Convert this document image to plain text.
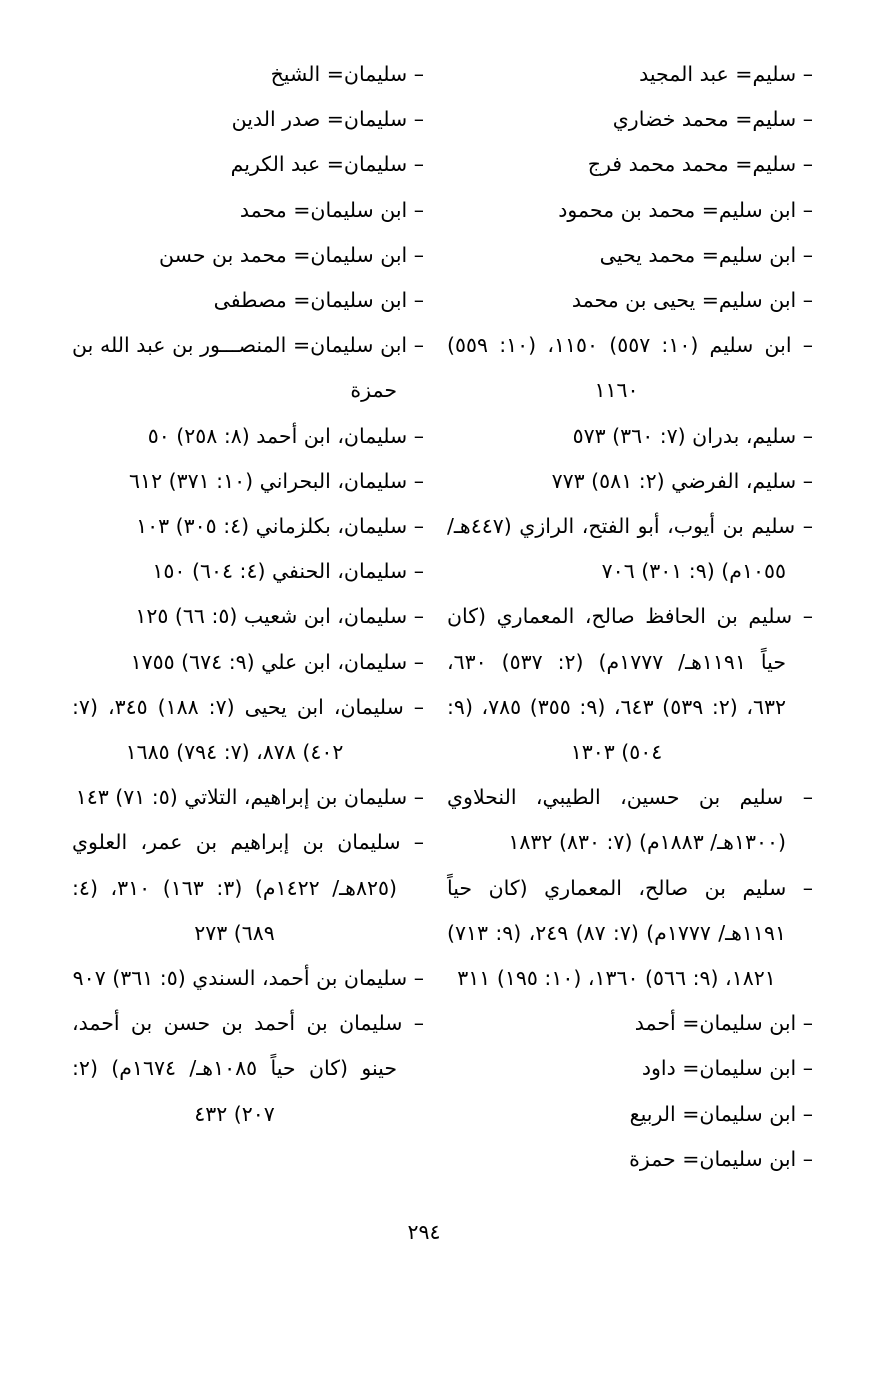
– سليم= عبد المجيد

– سليم= محمد خضاري

– سليم= محمد محمد فرج

– ابن سليم= محمد بن محمود

– ابن سليم= محمد يحيى

– ابن سليم= يحيى بن محمد

– ابن سليم (١٠: ٥٥٧) ١١٥٠، (١٠: ٥٥٩) ١١٦٠

– سليم، بدران (٧: ٣٦٠) ٥٧٣

– سليم، الفرضي (٢: ٥٨١) ٧٧٣

– سليم بن أيوب، أبو الفتح، الرازي (٤٤٧هـ/ ١٠٥٥م) (٩: ٣٠١) ٧٠٦

– سليم بن الحافظ صالح، المعماري (كان حياً ١١٩١هـ/ ١٧٧٧م) (٢: ٥٣٧) ٦٣٠، ٦٣٢، (٢: ٥٣٩) ٦٤٣، (٩: ٣٥٥) ٧٨٥، (٩: ٥٠٤) ١٣٠٣

– سليم بن حسين، الطيبي، النحلاوي (١٣٠٠هـ/ ١٨٨٣م) (٧: ٨٣٠) ١٨٣٢

– سليم بن صالح، المعماري (كان حياً ١١٩١هـ/ ١٧٧٧م) (٧: ٨٧) ٢٤٩، (٩: ٧١٣) ١٨٢١، (٩: ٥٦٦) ١٣٦٠، (١٠: ١٩٥) ٣١١

– ابن سليمان= أحمد

– ابن سليمان= داود

– ابن سليمان= الربيع

– ابن سليمان= حمزة

– سليمان= الشيخ

– سليمان= صدر الدين

– سليمان= عبد الكريم

– ابن سليمان= محمد

– ابن سليمان= محمد بن حسن

– ابن سليمان= مصطفى

– ابن سليمان= المنصـــور بن عبد الله بن حمزة

– سليمان، ابن أحمد (٨: ٢٥٨) ٥٠

– سليمان، البحراني (١٠: ٣٧١) ٦١٢

– سليمان، بكلزماني (٤: ٣٠٥) ١٠٣

– سليمان، الحنفي (٤: ٦٠٤) ١٥٠

– سليمان، ابن شعيب (٥: ٦٦) ١٢٥

– سليمان، ابن علي (٩: ٦٧٤) ١٧٥٥

– سليمان، ابن يحيى (٧: ١٨٨) ٣٤٥، (٧: ٤٠٢) ٨٧٨، (٧: ٧٩٤) ١٦٨٥

– سليمان بن إبراهيم، التلاتي (٥: ٧١) ١٤٣

– سليمان بن إبراهيم بن عمر، العلوي (٨٢٥هـ/ ١٤٢٢م) (٣: ١٦٣) ٣١٠، (٤: ٦٨٩) ٢٧٣

– سليمان بن أحمد، السندي (٥: ٣٦١) ٩٠٧

– سليمان بن أحمد بن حسن بن أحمد، حينو (كان حياً ١٠٨٥هـ/ ١٦٧٤م) (٢: ٢٠٧) ٤٣٢

٢٩٤
